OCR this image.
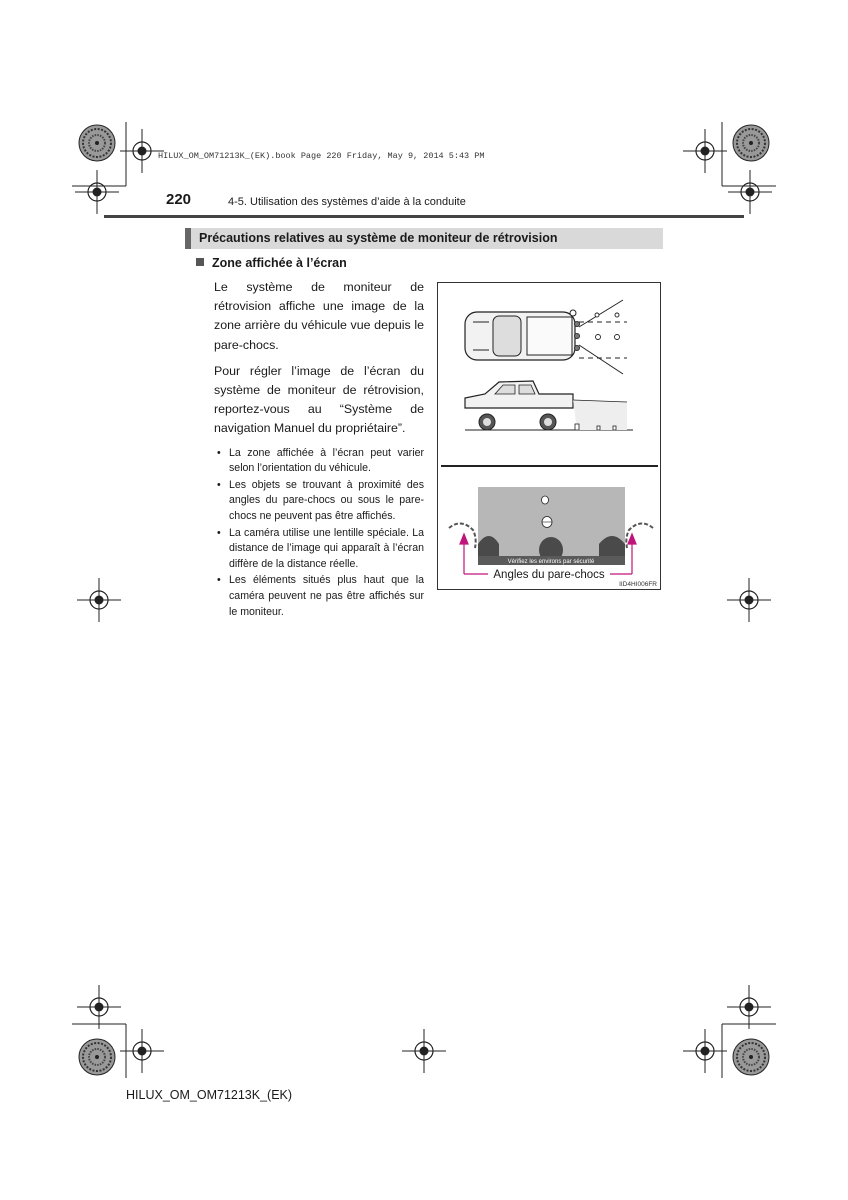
HILUX_OM_OM71213K_(EK).book Page 220 Friday, May 9, 2014 5:43 PM
220	4-5. Utilisation des systèmes d’aide à la conduite
Précautions relatives au système de moniteur de rétrovision
Zone affichée à l’écran

Le système de moniteur de rétrovision affiche une image de la zone arrière du véhicule vue depuis le pare-chocs.

Pour régler l’image de l’écran du système de moniteur de rétrovision, reportez-vous au “Système de navigation Manuel du propriétaire”.

• La zone affichée à l’écran peut varier selon l’orientation du véhicule.
• Les objets se trouvant à proximité des angles du pare-chocs ou sous le pare-chocs ne peuvent pas être affichés.
• La caméra utilise une lentille spéciale. La distance de l’image qui apparaît à l’écran diffère de la distance réelle.
• Les éléments situés plus haut que la caméra peuvent ne pas être affichés sur le moniteur.
Vérifiez les environs par sécurité
Angles du pare-chocs
IID4HI006FR
HILUX_OM_OM71213K_(EK)
